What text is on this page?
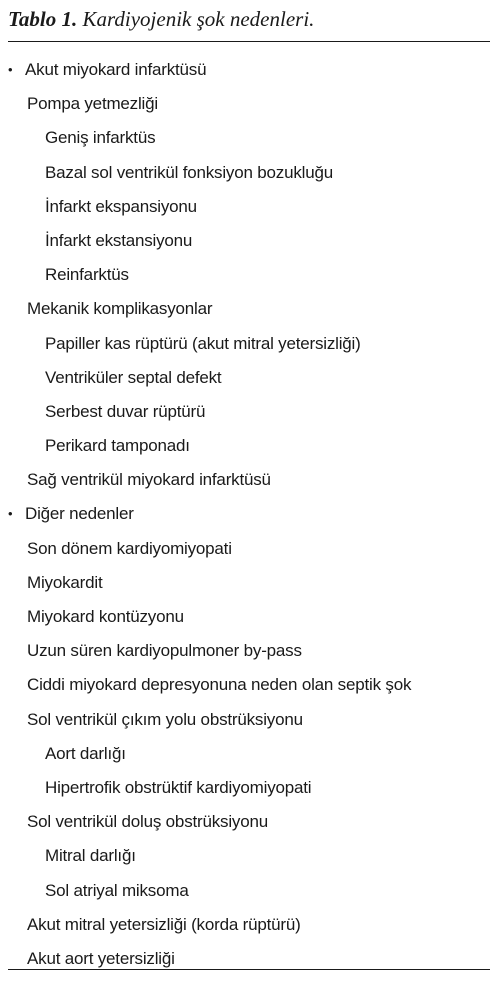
Tablo 1. Kardiyojenik şok nedenleri.
• Akut miyokard infarktüsü
Pompa yetmezliği
Geniş infarktüs
Bazal sol ventrikül fonksiyon bozukluğu
İnfarkt ekspansiyonu
İnfarkt ekstansiyonu
Reinfarktüs
Mekanik komplikasyonlar
Papiller kas rüptürü (akut mitral yetersizliği)
Ventriküler septal defekt
Serbest duvar rüptürü
Perikard tamponadı
Sağ ventrikül miyokard infarktüsü
• Diğer nedenler
Son dönem kardiyomiyopati
Miyokardit
Miyokard kontüzyonu
Uzun süren kardiyopulmoner by-pass
Ciddi miyokard depresyonuna neden olan septik şok
Sol ventrikül çıkım yolu obstrüksiyonu
Aort darlığı
Hipertrofik obstrüktif kardiyomiyopati
Sol ventrikül doluş obstrüksiyonu
Mitral darlığı
Sol atriyal miksoma
Akut mitral yetersizliği (korda rüptürü)
Akut aort yetersizliği
